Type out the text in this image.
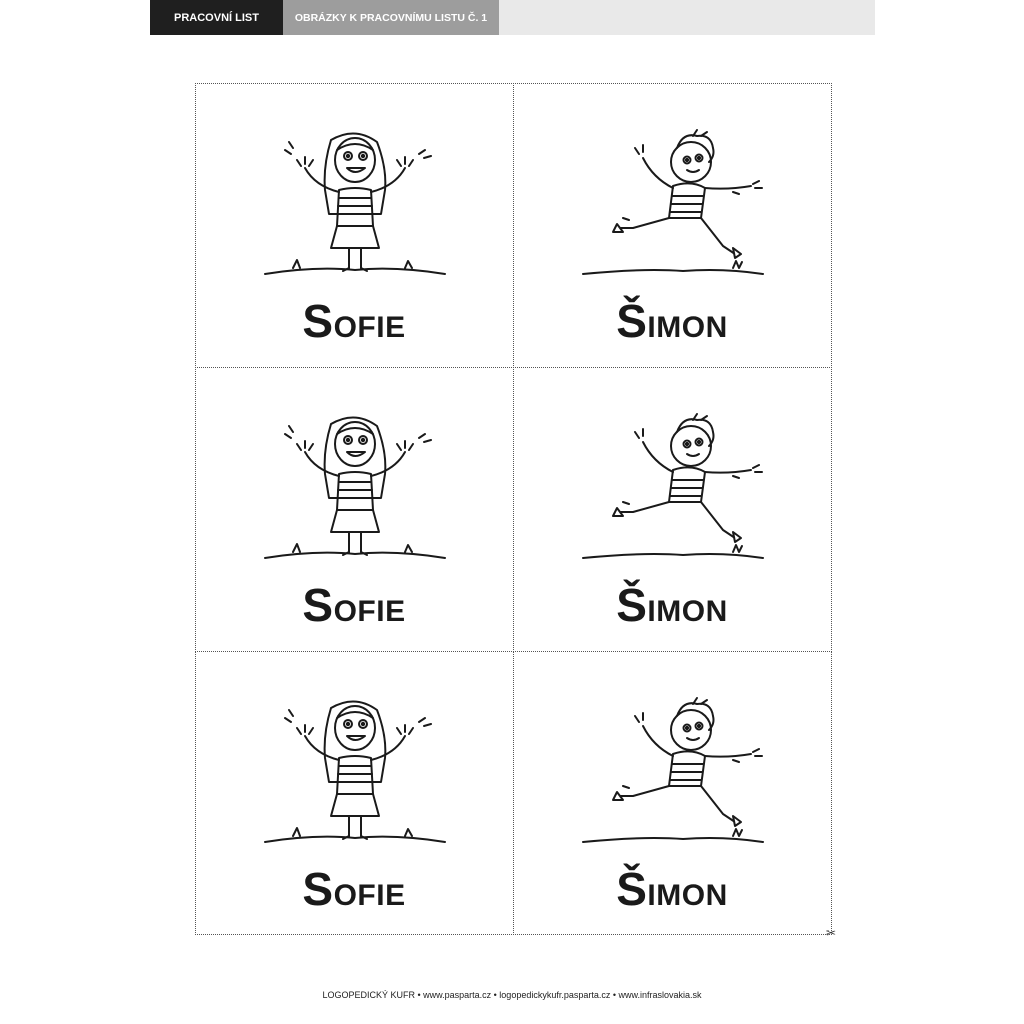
PRACOVNÍ LIST	OBRÁZKY K PRACOVNÍMU LISTU Č. 1
SOFIE	ŠIMON
SOFIE	ŠIMON
SOFIE	ŠIMON
✂
LOGOPEDICKÝ KUFR • www.pasparta.cz • logopedickykufr.pasparta.cz • www.infraslovakia.sk
